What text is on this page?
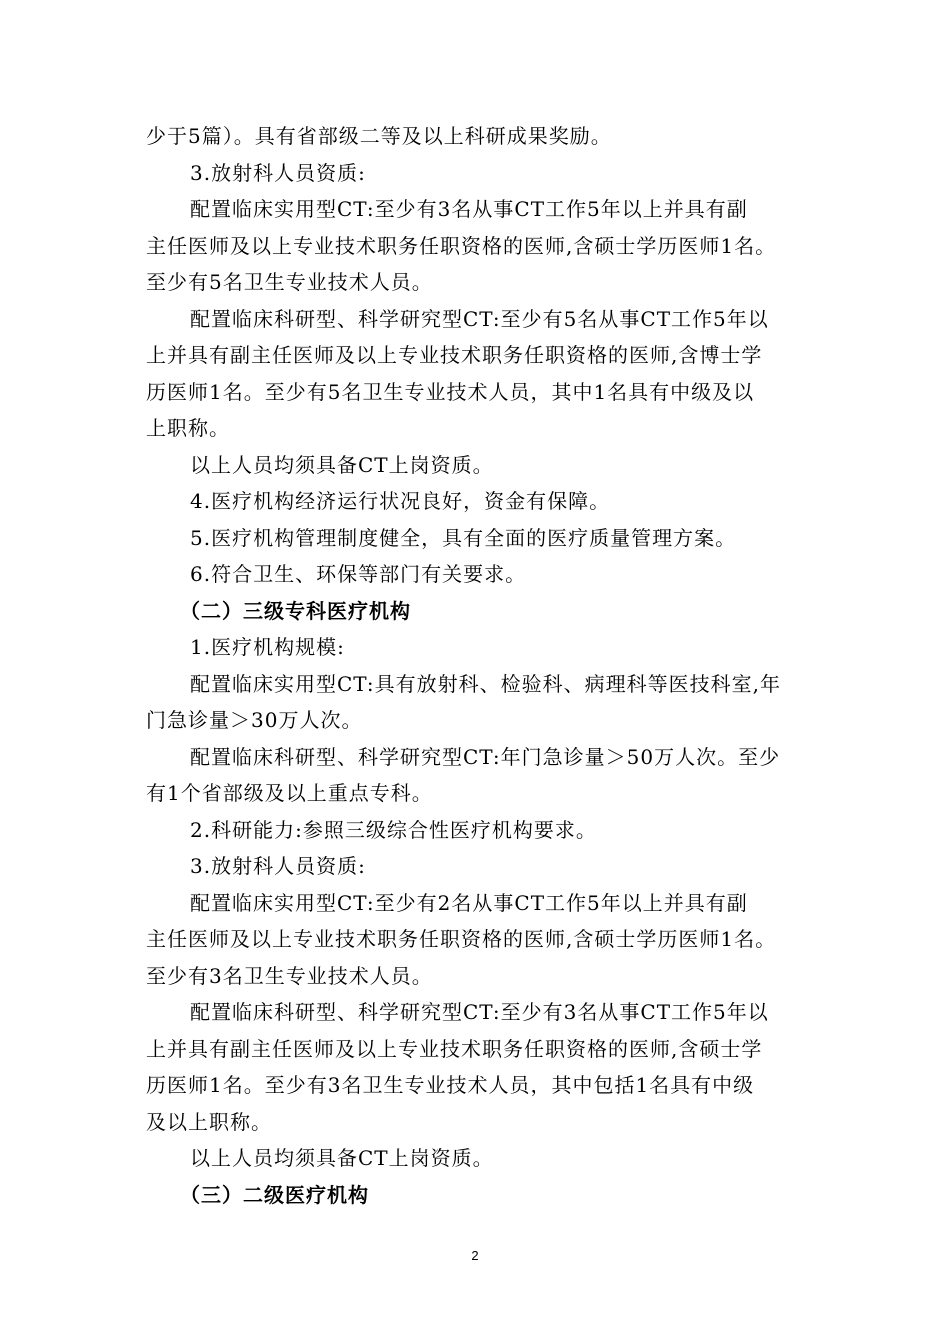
少于5篇）。具有省部级二等及以上科研成果奖励。

3.放射科人员资质:

配置临床实用型CT:至少有3名从事CT工作5年以上并具有副

主任医师及以上专业技术职务任职资格的医师,含硕士学历医师1名。

至少有5名卫生专业技术人员。

配置临床科研型、科学研究型CT:至少有5名从事CT工作5年以

上并具有副主任医师及以上专业技术职务任职资格的医师,含博士学

历医师1名。至少有5名卫生专业技术人员，其中1名具有中级及以

上职称。

以上人员均须具备CT上岗资质。

4.医疗机构经济运行状况良好，资金有保障。

5.医疗机构管理制度健全，具有全面的医疗质量管理方案。

6.符合卫生、环保等部门有关要求。

（二）三级专科医疗机构

1.医疗机构规模:

配置临床实用型CT:具有放射科、检验科、病理科等医技科室,年

门急诊量＞30万人次。

配置临床科研型、科学研究型CT:年门急诊量＞50万人次。至少

有1个省部级及以上重点专科。

2.科研能力:参照三级综合性医疗机构要求。

3.放射科人员资质:

配置临床实用型CT:至少有2名从事CT工作5年以上并具有副

主任医师及以上专业技术职务任职资格的医师,含硕士学历医师1名。

至少有3名卫生专业技术人员。

配置临床科研型、科学研究型CT:至少有3名从事CT工作5年以

上并具有副主任医师及以上专业技术职务任职资格的医师,含硕士学

历医师1名。至少有3名卫生专业技术人员，其中包括1名具有中级

及以上职称。

以上人员均须具备CT上岗资质。

（三）二级医疗机构

2
